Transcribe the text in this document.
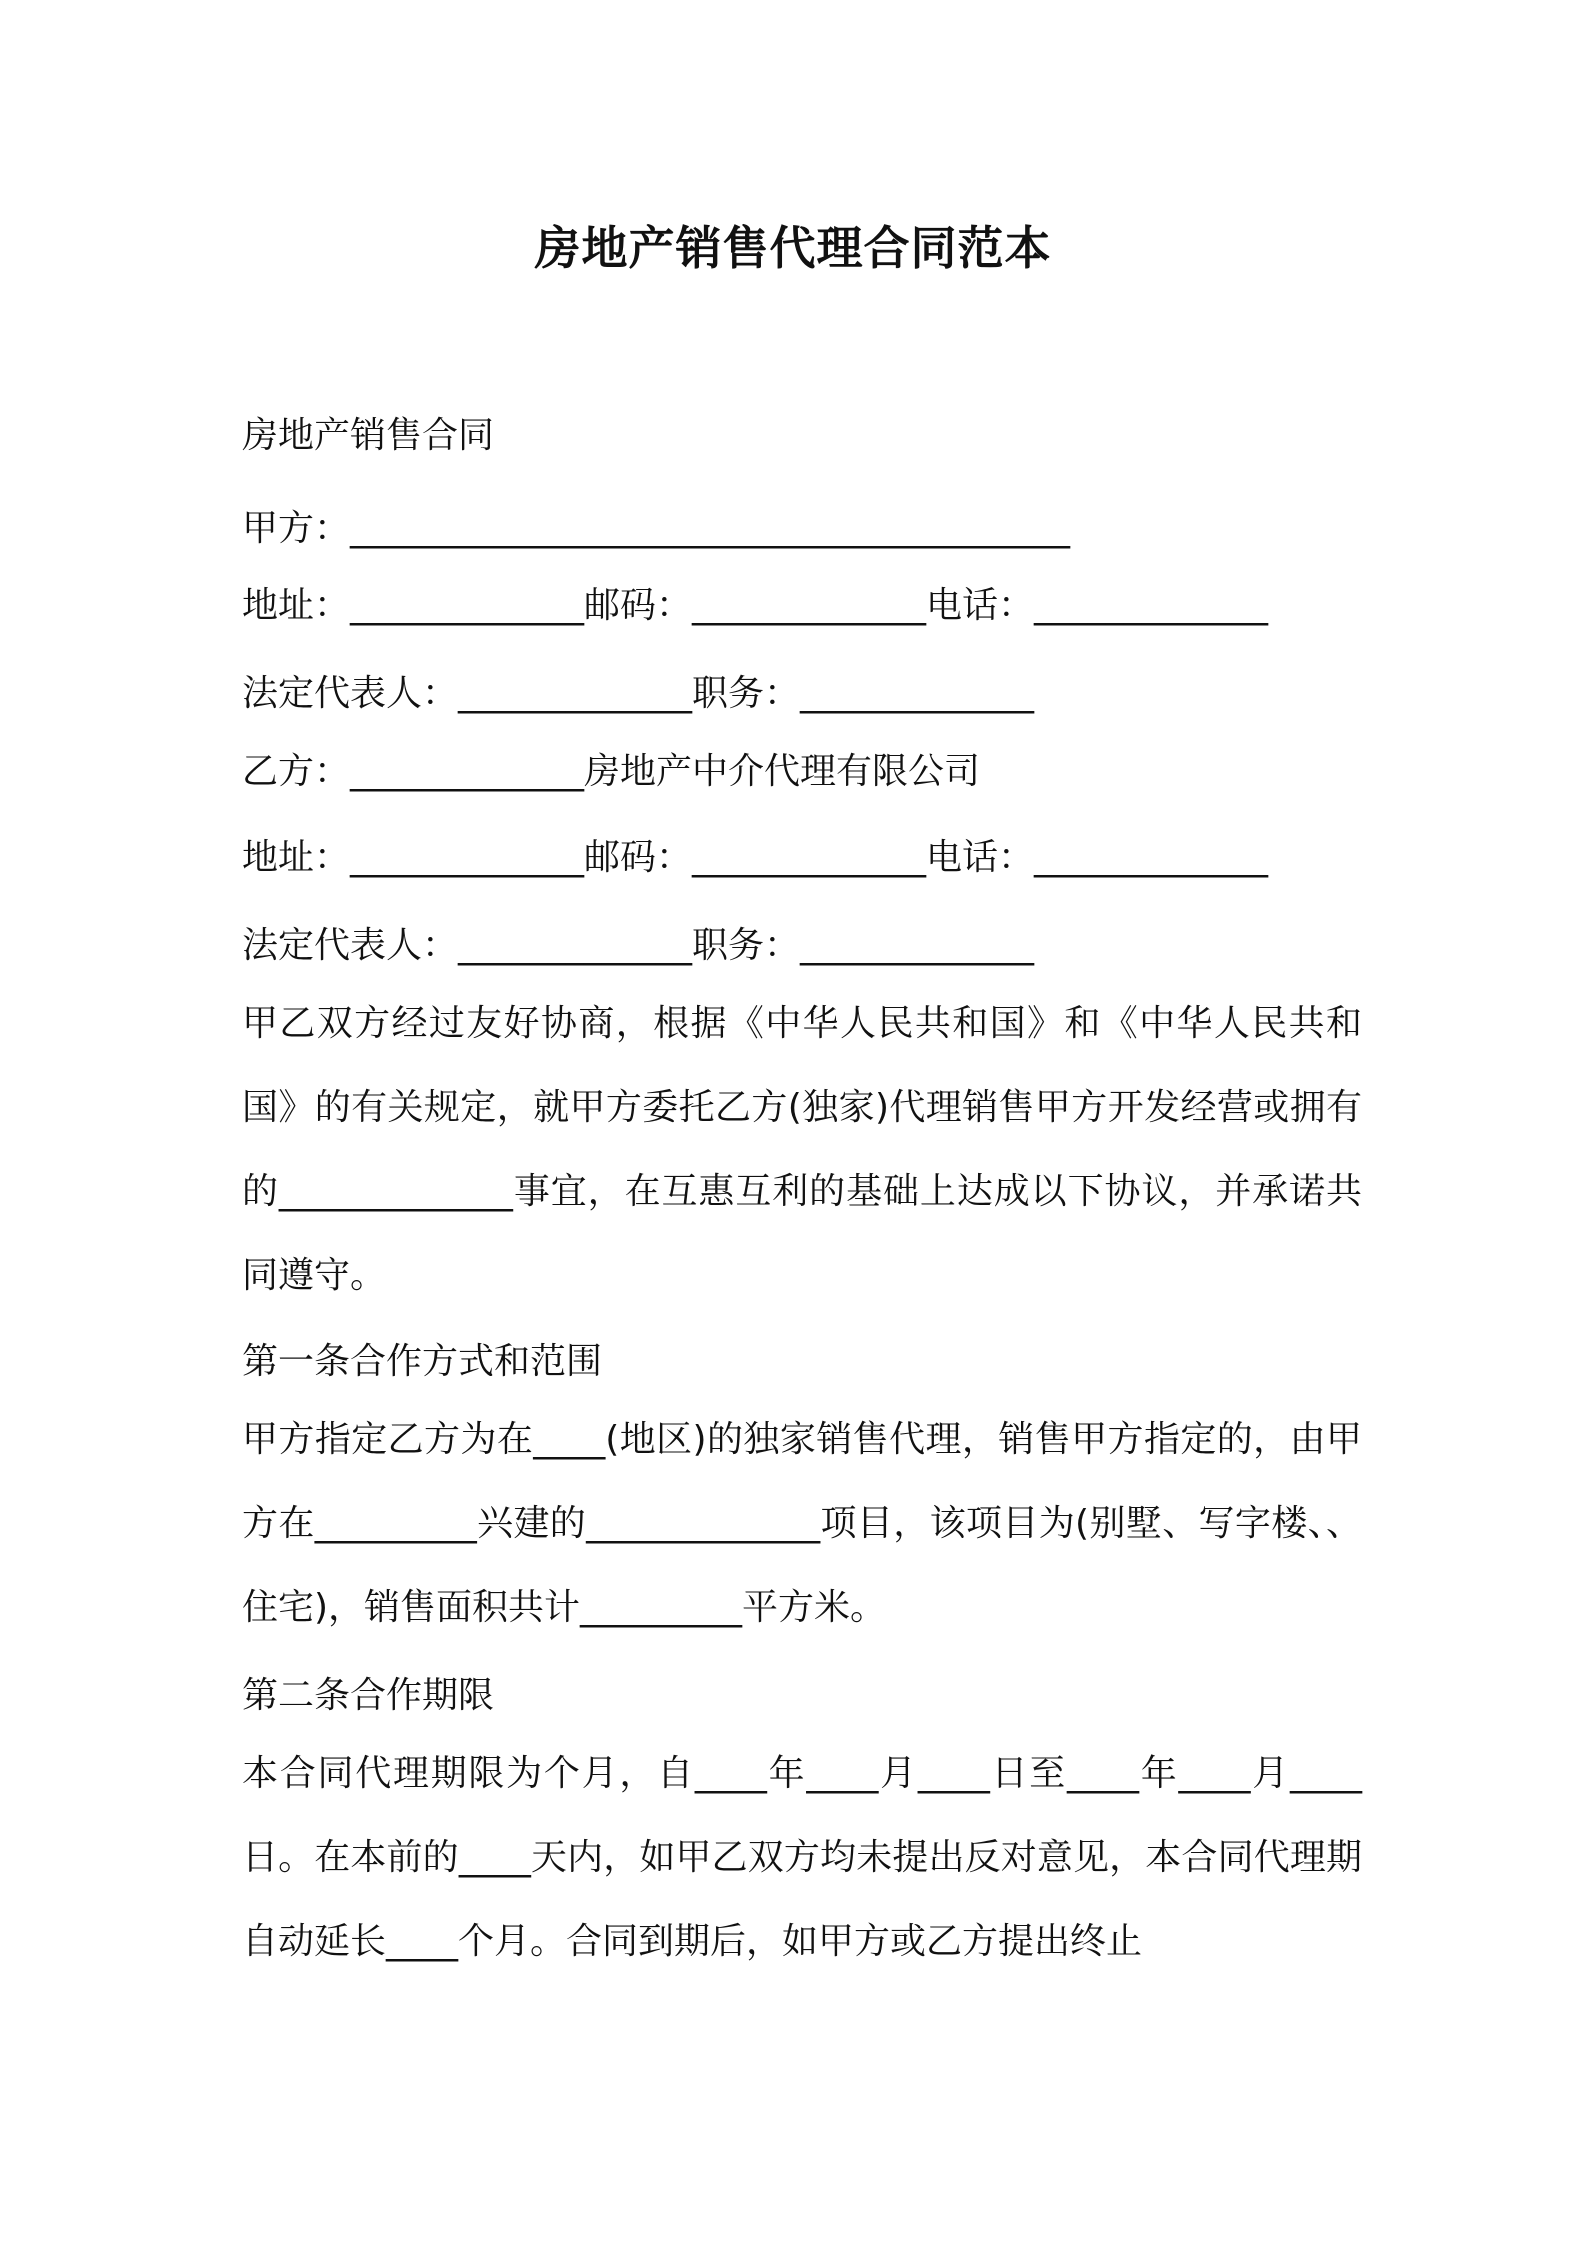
房地产销售代理合同范本

房地产销售合同

甲方：________________________________________

地址：_____________邮码：_____________电话：_____________

法定代表人：_____________职务：_____________

乙方：_____________房地产中介代理有限公司

地址：_____________邮码：_____________电话：_____________

法定代表人：_____________职务：_____________

甲乙双方经过友好协商，根据《中华人民共和国》和《中华人民共和国》的有关规定，就甲方委托乙方(独家)代理销售甲方开发经营或拥有的_____________事宜，在互惠互利的基础上达成以下协议，并承诺共同遵守。

第一条合作方式和范围

甲方指定乙方为在____(地区)的独家销售代理，销售甲方指定的，由甲方在_________兴建的_____________项目，该项目为(别墅、写字楼、、住宅)，销售面积共计_________平方米。

第二条合作期限

本合同代理期限为个月，自____年____月____日至____年____月____日。在本前的____天内，如甲乙双方均未提出反对意见，本合同代理期自动延长____个月。合同到期后，如甲方或乙方提出终止
